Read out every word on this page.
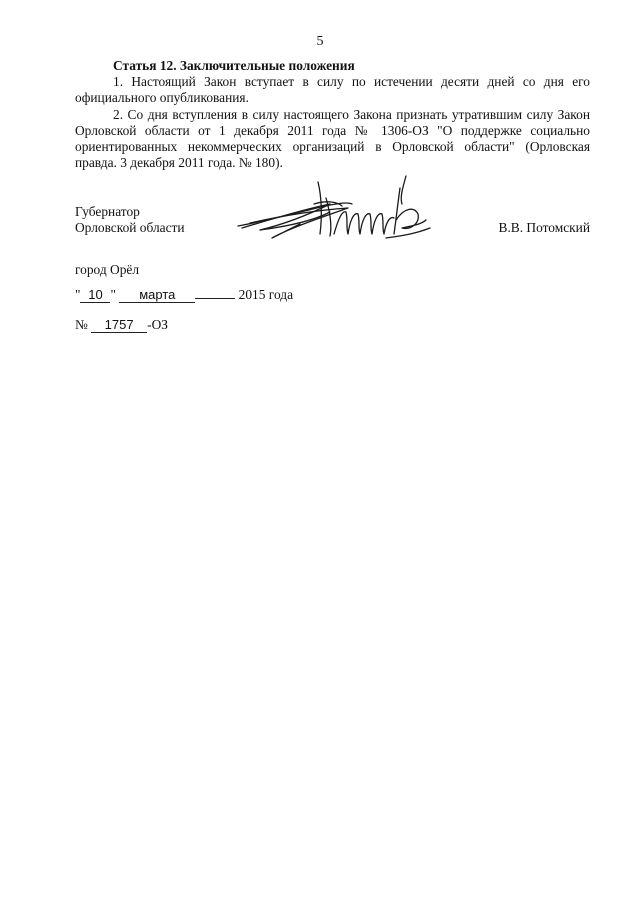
5

Статья 12. Заключительные положения

1. Настоящий Закон вступает в силу по истечении десяти дней со дня его официального опубликования.

2. Со дня вступления в силу настоящего Закона признать утратившим силу Закон Орловской области от 1 декабря 2011 года № 1306-ОЗ "О поддержке социально ориентированных некоммерческих организаций в Орловской области" (Орловская правда. 3 декабря 2011 года. № 180).

Губернатор
Орловской области	В.В. Потомский
город Орёл
" 10 " марта	2015 года
№ 1757 -ОЗ
